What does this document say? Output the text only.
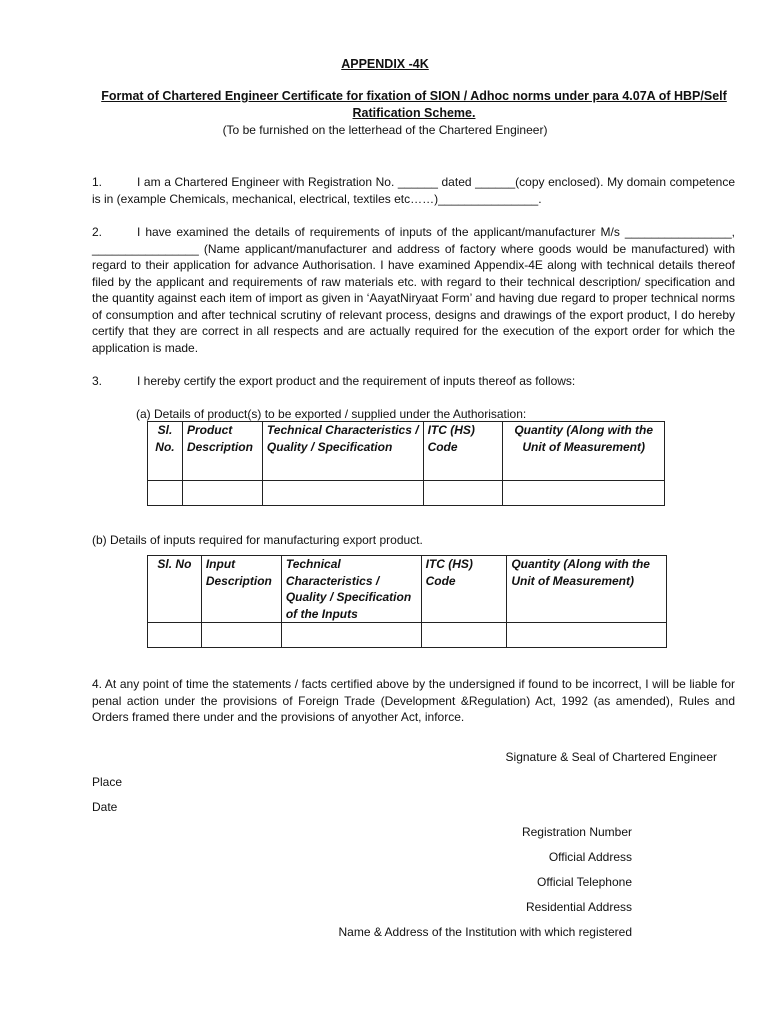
APPENDIX -4K
Format of Chartered Engineer Certificate for fixation of SION / Adhoc norms under para 4.07A of HBP/Self Ratification Scheme.
(To be furnished on the letterhead of the Chartered Engineer)
1.	I am a Chartered Engineer with Registration No. ______ dated ______(copy enclosed). My domain competence is in (example Chemicals, mechanical, electrical, textiles etc……)_______________.
2.	I have examined the details of requirements of inputs of the applicant/manufacturer M/s ________________, ________________ (Name applicant/manufacturer and address of factory where goods would be manufactured) with regard to their application for advance Authorisation. I have examined Appendix-4E along with technical details thereof filed by the applicant and requirements of raw materials etc. with regard to their technical description/ specification and the quantity against each item of import as given in ‘AayatNiryaat Form’ and having due regard to proper technical norms of consumption and after technical scrutiny of relevant process, designs and drawings of the export product, I do hereby certify that they are correct in all respects and are actually required for the execution of the export order for which the application is made.
3.	I hereby certify the export product and the requirement of inputs thereof as follows:
(a) Details of product(s) to be exported / supplied under the Authorisation:
Sl. No.	Product Description	Technical Characteristics / Quality / Specification	ITC (HS) Code	Quantity (Along with the Unit of Measurement)

(b) Details of inputs required for manufacturing export product.
Sl. No	Input Description	Technical Characteristics / Quality / Specification of the Inputs	ITC (HS) Code	Quantity (Along with the Unit of Measurement)

4. At any point of time the statements / facts certified above by the undersigned if found to be incorrect, I will be liable for penal action under the provisions of Foreign Trade (Development &Regulation) Act, 1992 (as amended), Rules and Orders framed there under and the provisions of anyother Act, inforce.
Signature & Seal of Chartered Engineer
Place
Date
Registration Number
Official Address
Official Telephone
Residential Address
Name & Address of the Institution with which registered
